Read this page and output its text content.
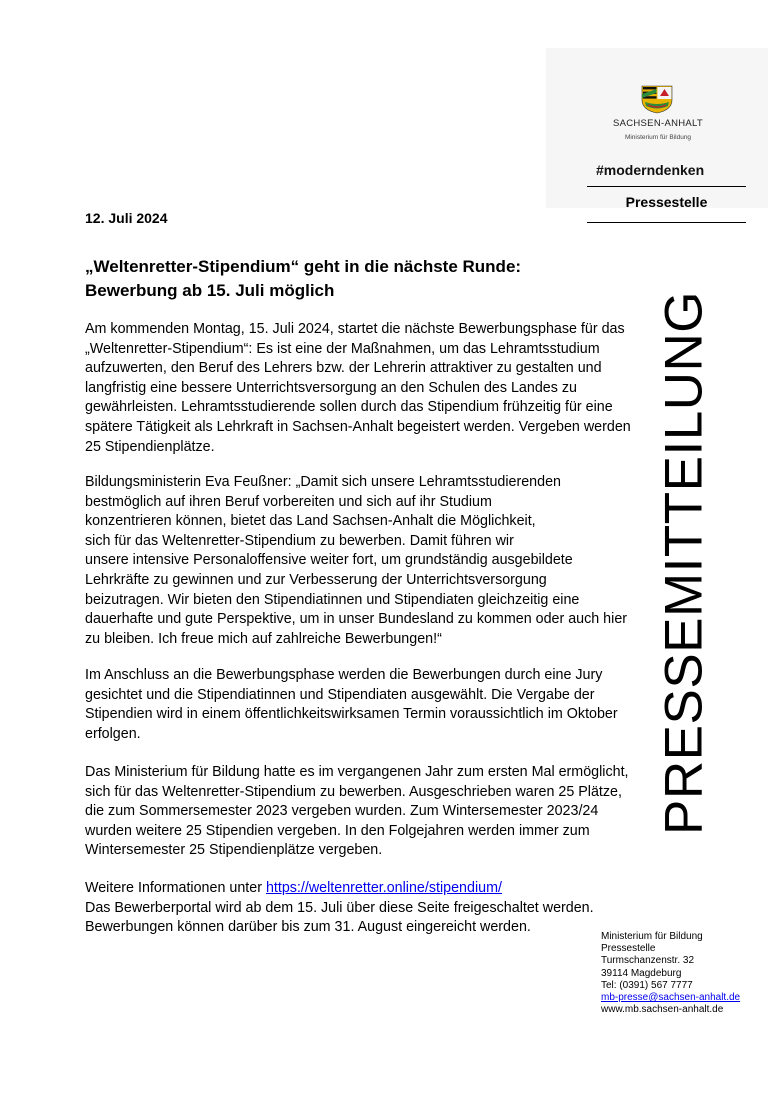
SACHSEN-ANHALT
Ministerium für Bildung
#moderndenken
Pressestelle
12. Juli 2024
„Weltenretter-Stipendium“ geht in die nächste Runde: Bewerbung ab 15. Juli möglich
Am kommenden Montag, 15. Juli 2024, startet die nächste Bewerbungsphase für das
„Weltenretter-Stipendium“: Es ist eine der Maßnahmen, um das Lehramtsstudium
aufzuwerten, den Beruf des Lehrers bzw. der Lehrerin attraktiver zu gestalten und
langfristig eine bessere Unterrichtsversorgung an den Schulen des Landes zu
gewährleisten. Lehramtsstudierende sollen durch das Stipendium frühzeitig für eine
spätere Tätigkeit als Lehrkraft in Sachsen-Anhalt begeistert werden. Vergeben werden
25 Stipendienplätze.
Bildungsministerin Eva Feußner: „Damit sich unsere Lehramtsstudierenden
bestmöglich auf ihren Beruf vorbereiten und sich auf ihr Studium
konzentrieren können, bietet das Land Sachsen-Anhalt die Möglichkeit,
sich für das Weltenretter-Stipendium zu bewerben. Damit führen wir
unsere intensive Personaloffensive weiter fort, um grundständig ausgebildete
Lehrkräfte zu gewinnen und zur Verbesserung der Unterrichtsversorgung
beizutragen. Wir bieten den Stipendiatinnen und Stipendiaten gleichzeitig eine
dauerhafte und gute Perspektive, um in unser Bundesland zu kommen oder auch hier
zu bleiben. Ich freue mich auf zahlreiche Bewerbungen!“
Im Anschluss an die Bewerbungsphase werden die Bewerbungen durch eine Jury
gesichtet und die Stipendiatinnen und Stipendiaten ausgewählt. Die Vergabe der
Stipendien wird in einem öffentlichkeitswirksamen Termin voraussichtlich im Oktober
erfolgen.
Das Ministerium für Bildung hatte es im vergangenen Jahr zum ersten Mal ermöglicht,
sich für das Weltenretter-Stipendium zu bewerben. Ausgeschrieben waren 25 Plätze,
die zum Sommersemester 2023 vergeben wurden. Zum Wintersemester 2023/24
wurden weitere 25 Stipendien vergeben. In den Folgejahren werden immer zum
Wintersemester 25 Stipendienplätze vergeben.
Weitere Informationen unter https://weltenretter.online/stipendium/
Das Bewerberportal wird ab dem 15. Juli über diese Seite freigeschaltet werden.
Bewerbungen können darüber bis zum 31. August eingereicht werden.
PRESSEMITTEILUNG
Ministerium für Bildung
Pressestelle
Turmschanzenstr. 32
39114 Magdeburg
Tel: (0391) 567 7777
mb-presse@sachsen-anhalt.de
www.mb.sachsen-anhalt.de
